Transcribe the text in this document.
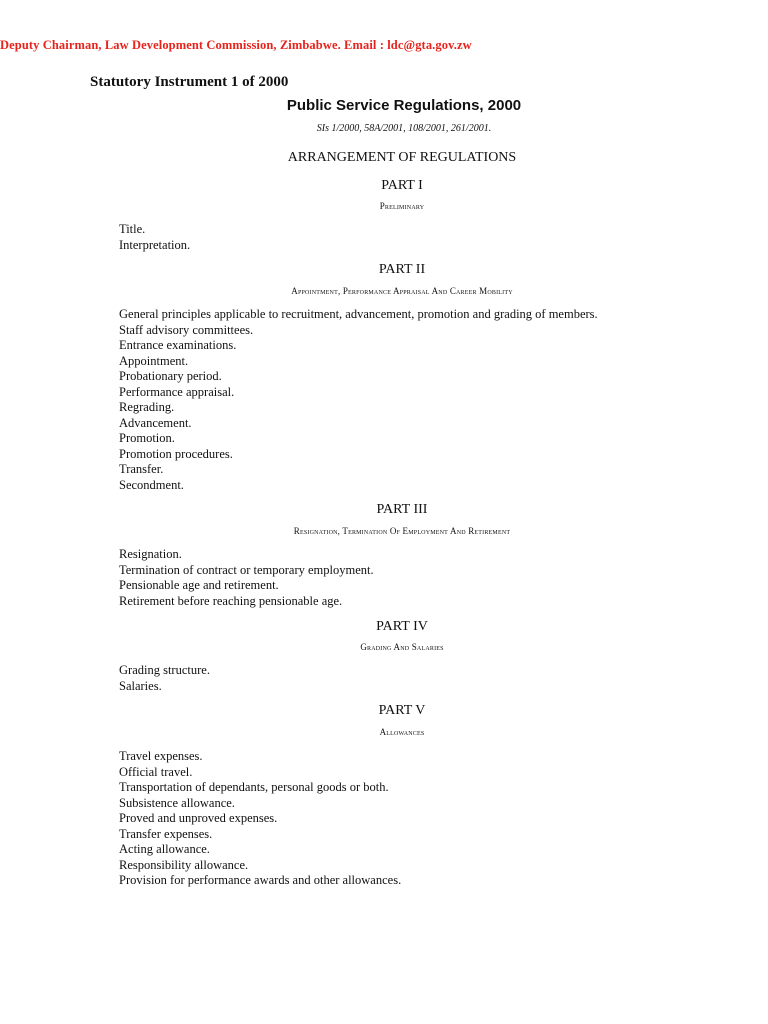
Deputy Chairman, Law Development Commission, Zimbabwe. Email : ldc@gta.gov.zw
Statutory Instrument 1 of 2000
Public Service Regulations, 2000
SIs 1/2000, 58A/2001, 108/2001, 261/2001.
ARRANGEMENT OF REGULATIONS
PART I
Preliminary
Title.
Interpretation.
PART II
Appointment, Performance Appraisal And Career Mobility
General principles applicable to recruitment, advancement, promotion and grading of members.
Staff advisory committees.
Entrance examinations.
Appointment.
Probationary period.
Performance appraisal.
Regrading.
Advancement.
Promotion.
Promotion procedures.
Transfer.
Secondment.
PART III
Resignation, Termination Of Employment And Retirement
Resignation.
Termination of contract or temporary employment.
Pensionable age and retirement.
Retirement before reaching pensionable age.
PART IV
Grading And Salaries
Grading structure.
Salaries.
PART V
Allowances
Travel expenses.
Official travel.
Transportation of dependants, personal goods or both.
Subsistence allowance.
Proved and unproved expenses.
Transfer expenses.
Acting allowance.
Responsibility allowance.
Provision for performance awards and other allowances.
